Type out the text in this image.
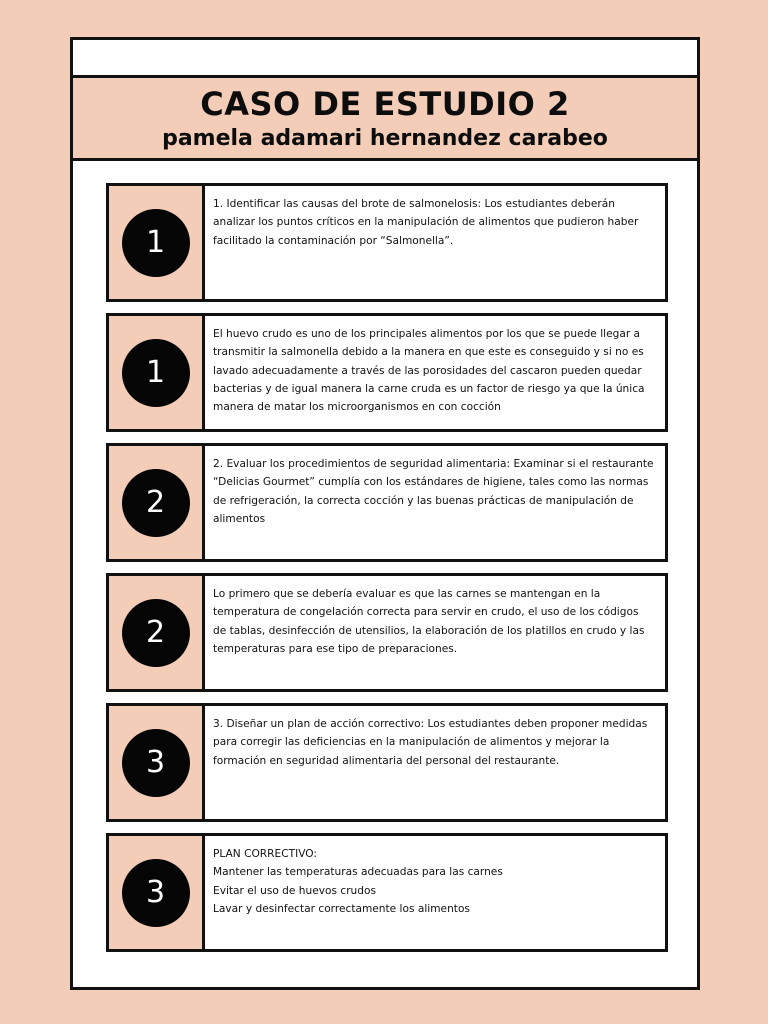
CASO DE ESTUDIO 2
pamela adamari hernandez carabeo
1
1. Identificar las causas del brote de salmonelosis: Los estudiantes deberán analizar los puntos críticos en la manipulación de alimentos que pudieron haber facilitado la contaminación por “Salmonella”.
1
El huevo crudo es uno de los principales alimentos por los que se puede llegar a transmitir la salmonella debido a la manera en que este es conseguido y si no es lavado adecuadamente a través de las porosidades del cascaron pueden quedar bacterias y de igual manera la carne cruda es un factor de riesgo ya que la única manera de matar los microorganismos en con cocción
2
2. Evaluar los procedimientos de seguridad alimentaria: Examinar si el restaurante “Delicias Gourmet” cumplía con los estándares de higiene, tales como las normas de refrigeración, la correcta cocción y las buenas prácticas de manipulación de alimentos
2
Lo primero que se debería evaluar es que las carnes se mantengan en la temperatura de congelación correcta para servir en crudo, el uso de los códigos de tablas, desinfección de utensilios, la elaboración de los platillos en crudo y las temperaturas para ese tipo de preparaciones.
3
3. Diseñar un plan de acción correctivo: Los estudiantes deben proponer medidas para corregir las deficiencias en la manipulación de alimentos y mejorar la formación en seguridad alimentaria del personal del restaurante.
3
PLAN CORRECTIVO:
Mantener las temperaturas adecuadas para las carnes
Evitar el uso de huevos crudos
Lavar y desinfectar correctamente los alimentos
